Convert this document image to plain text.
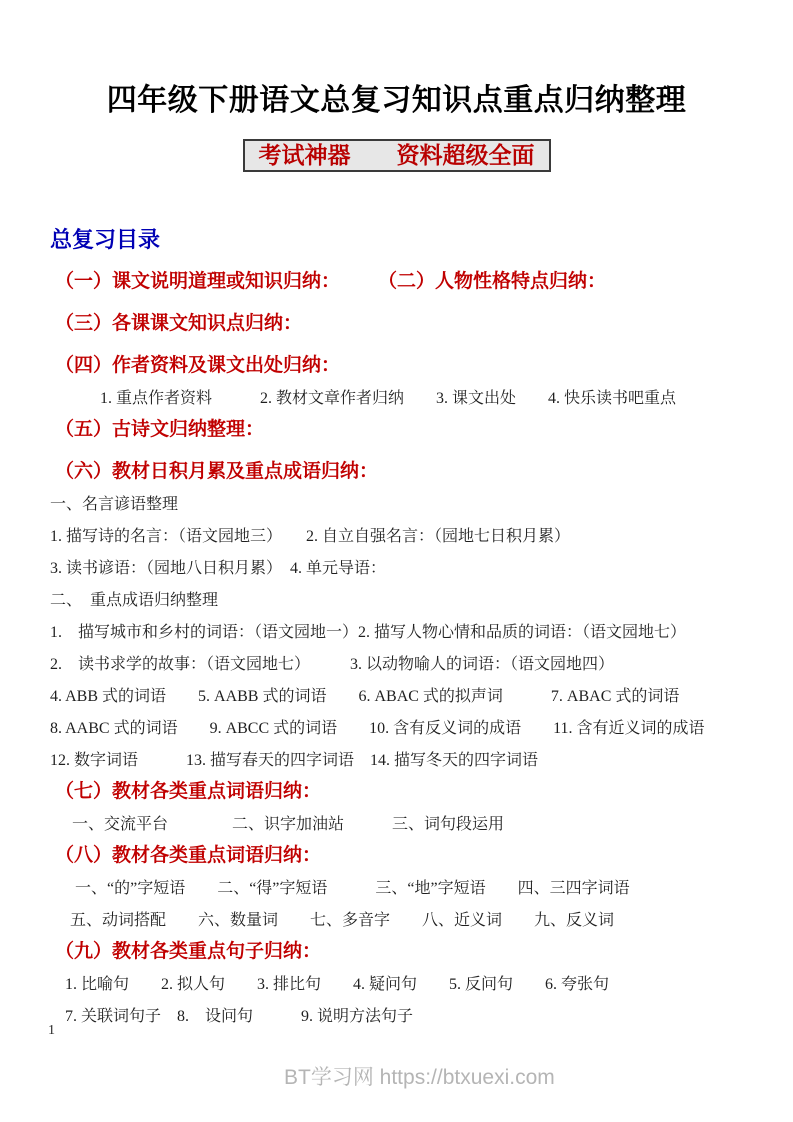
四年级下册语文总复习知识点重点归纳整理
考试神器　　资料超级全面
总复习目录
（一）课文说明道理或知识归纳：　　　（二）人物性格特点归纳：
（三）各课课文知识点归纳：
（四）作者资料及课文出处归纳：
1. 重点作者资料　　　2. 教材文章作者归纳　　3. 课文出处　　4. 快乐读书吧重点
（五）古诗文归纳整理：
（六）教材日积月累及重点成语归纳：
一、名言谚语整理
1. 描写诗的名言：（语文园地三）　　2. 自立自强名言：（园地七日积月累）
3. 读书谚语：（园地八日积月累）　4. 单元导语：
二、　重点成语归纳整理
1.　描写城市和乡村的词语：（语文园地一）2. 描写人物心情和品质的词语：（语文园地七）
2.　读书求学的故事：（语文园地七）　　　3. 以动物喻人的词语：（语文园地四）
4. ABB 式的词语　　5. AABB 式的词语　　6. ABAC 式的拟声词　　　7. ABAC 式的词语
8. AABC 式的词语　　9. ABCC 式的词语　　10. 含有反义词的成语　　11. 含有近义词的成语
12. 数字词语　　　13. 描写春天的四字词语　14. 描写冬天的四字词语
（七）教材各类重点词语归纳：
一、交流平台　　　　二、识字加油站　　　三、词句段运用
（八）教材各类重点词语归纳：
一、“的”字短语　　二、“得”字短语　　　三、“地”字短语　　四、三四字词语
五、动词搭配　　六、数量词　　七、多音字　　八、近义词　　九、反义词
（九）教材各类重点句子归纳：
1. 比喻句　　2. 拟人句　　3. 排比句　　4. 疑问句　　5. 反问句　　6. 夸张句
7. 关联词句子　8.　设问句　　　9. 说明方法句子
1
BT学习网 https://btxuexi.com
